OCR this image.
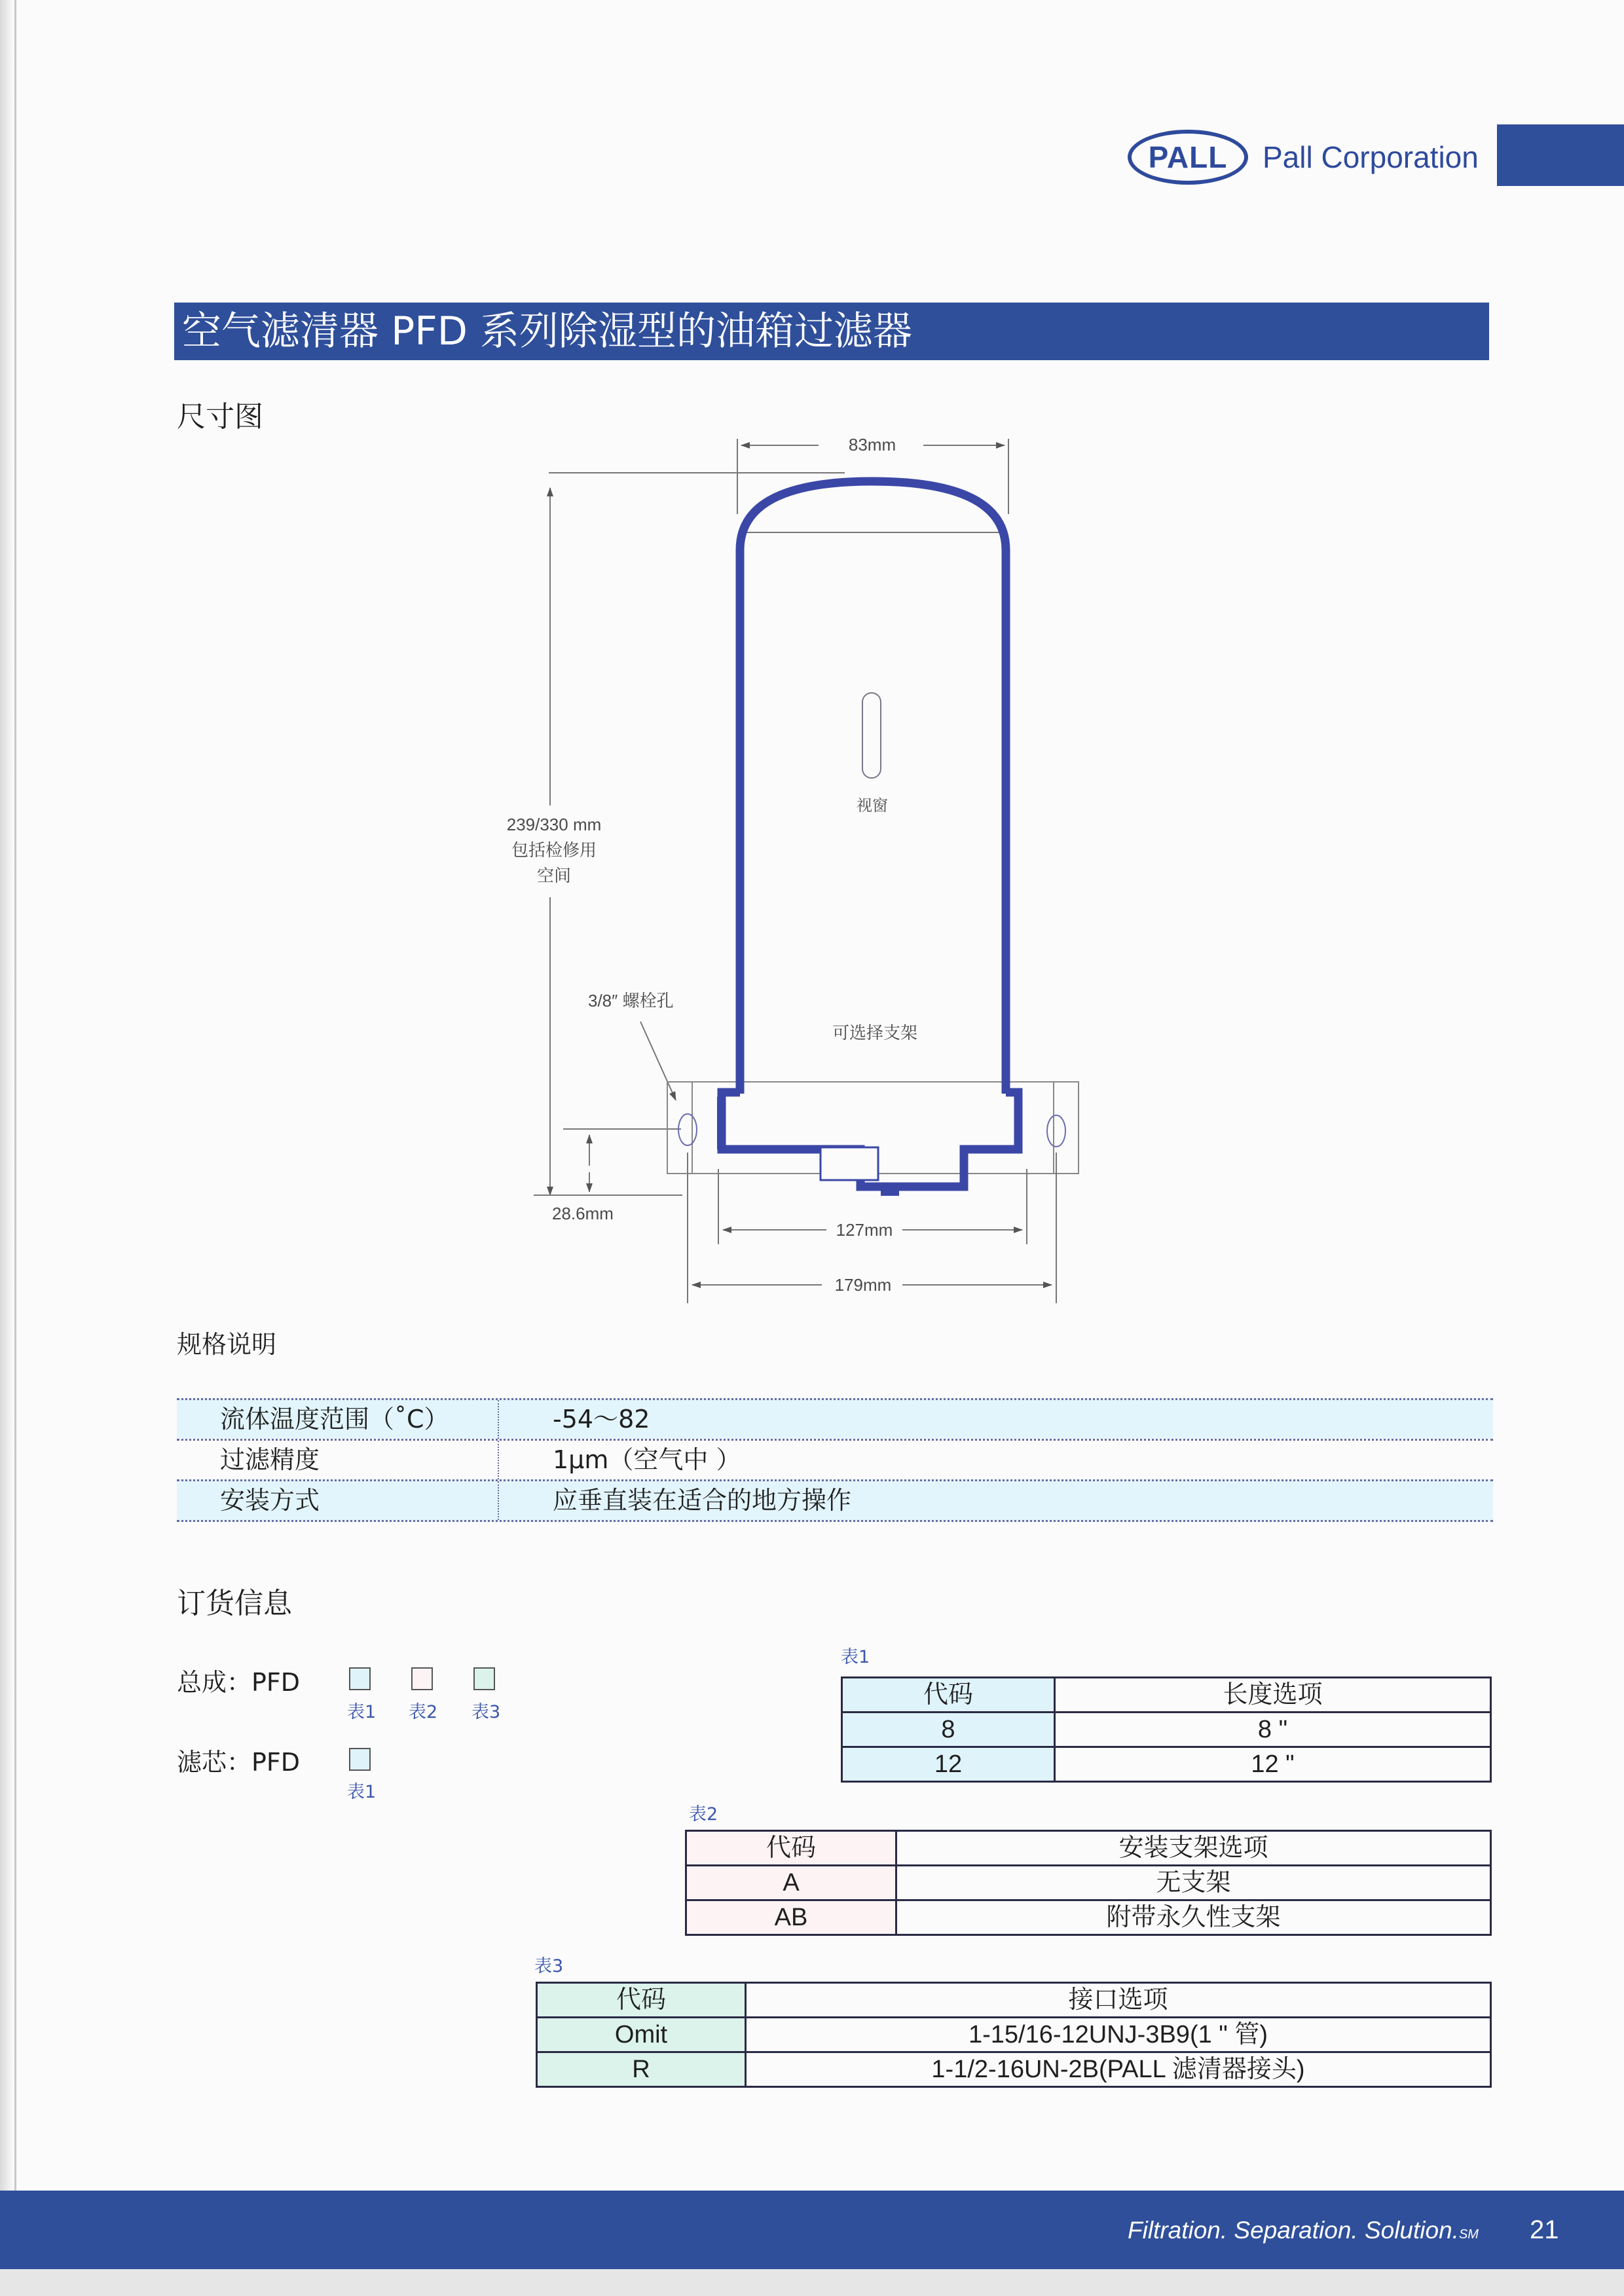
PALL Pall Corporation
空气滤清器 PFD 系列除湿型的油箱过滤器
尺寸图
视窗
83mm
239/330 mm
包括检修用
空间
3/8″ 螺栓孔
可选择支架
28.6mm
127mm
179mm
规格说明
流体温度范围（˚C）	-54～82
过滤精度	1μm（空气中 ）
安装方式	应垂直装在适合的地方操作
订货信息
总成：PFD
表1 表2 表3
滤芯：PFD
表1
表1
代码	长度选项
8	8 "
12	12 "
表2
代码	安装支架选项
A	无支架
AB	附带永久性支架
表3
代码	接口选项
Omit	1-15/16-12UNJ-3B9(1 " 管)
R	1-1/2-16UN-2B(PALL 滤清器接头)
Filtration. Separation. Solution.SM 21
